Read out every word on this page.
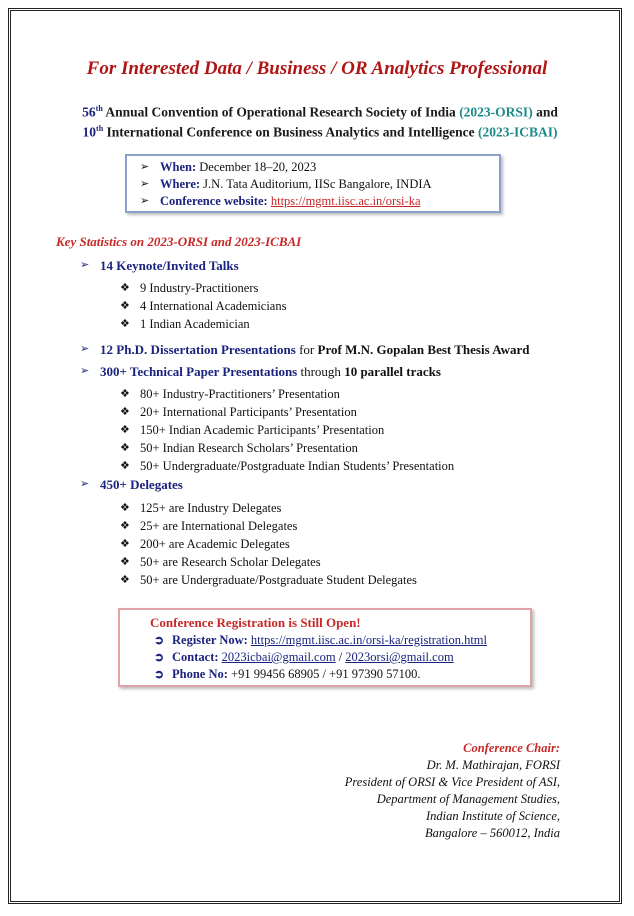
For Interested Data / Business / OR Analytics Professional
56th Annual Convention of Operational Research Society of India (2023-ORSI) and
10th International Conference on Business Analytics and Intelligence (2023-ICBAI)
➢ When: December 18–20, 2023
➢ Where: J.N. Tata Auditorium, IISc Bangalore, INDIA
➢ Conference website: https://mgmt.iisc.ac.in/orsi-ka
Key Statistics on 2023-ORSI and 2023-ICBAI
➢ 14 Keynote/Invited Talks
❖ 9 Industry-Practitioners
❖ 4 International Academicians
❖ 1 Indian Academician
➢ 12 Ph.D. Dissertation Presentations for Prof M.N. Gopalan Best Thesis Award
➢ 300+ Technical Paper Presentations through 10 parallel tracks
❖ 80+ Industry-Practitioners’ Presentation
❖ 20+ International Participants’ Presentation
❖ 150+ Indian Academic Participants’ Presentation
❖ 50+ Indian Research Scholars’ Presentation
❖ 50+ Undergraduate/Postgraduate Indian Students’ Presentation
➢ 450+ Delegates
❖ 125+ are Industry Delegates
❖ 25+ are International Delegates
❖ 200+ are Academic Delegates
❖ 50+ are Research Scholar Delegates
❖ 50+ are Undergraduate/Postgraduate Student Delegates
Conference Registration is Still Open!
➲ Register Now: https://mgmt.iisc.ac.in/orsi-ka/registration.html
➲ Contact: 2023icbai@gmail.com / 2023orsi@gmail.com
➲ Phone No: +91 99456 68905 / +91 97390 57100.
Conference Chair:
Dr. M. Mathirajan, FORSI
President of ORSI & Vice President of ASI,
Department of Management Studies,
Indian Institute of Science,
Bangalore – 560012, India
